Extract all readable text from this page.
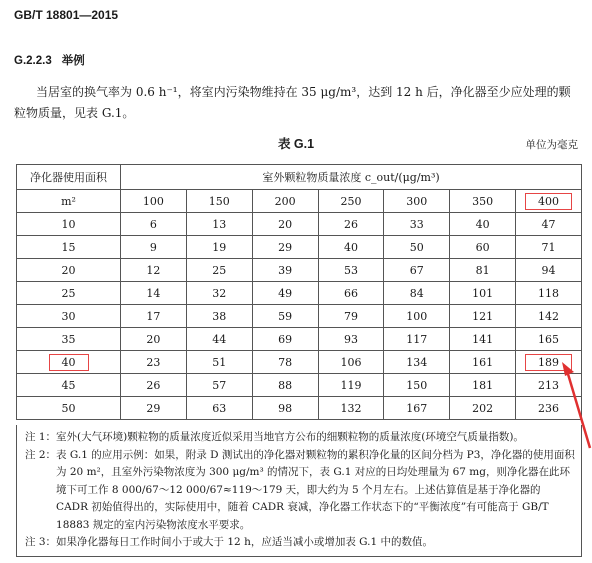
GB/T 18801—2015
G.2.2.3 举例
当居室的换气率为 0.6 h⁻¹，将室内污染物维持在 35 μg/m³，达到 12 h 后，净化器至少应处理的颗粒物质量，见表 G.1。
表 G.1	单位为毫克
净化器使用面积	室外颗粒物质量浓度 c_out/(μg/m³)						
m²	100	150	200	250	300	350	400
10	6	13	20	26	33	40	47
15	9	19	29	40	50	60	71
20	12	25	39	53	67	81	94
25	14	32	49	66	84	101	118
30	17	38	59	79	100	121	142
35	20	44	69	93	117	141	165
40	23	51	78	106	134	161	189
45	26	57	88	119	150	181	213
50	29	63	98	132	167	202	236
注 1： 室外(大气环境)颗粒物的质量浓度近似采用当地官方公布的细颗粒物的质量浓度(环境空气质量指数)。
注 2： 表 G.1 的应用示例：如果，附录 D 测试出的净化器对颗粒物的累积净化量的区间分档为 P3，净化器的使用面积为 20 m²，且室外污染物浓度为 300 μg/m³ 的情况下，表 G.1 对应的日均处理量为 67 mg，则净化器在此环境下可工作 8 000/67～12 000/67≈119～179 天，即大约为 5 个月左右。上述估算值是基于净化器的 CADR 初始值得出的，实际使用中，随着 CADR 衰减，净化器工作状态下的“平衡浓度”有可能高于 GB/T 18883 规定的室内污染物浓度水平要求。
注 3： 如果净化器每日工作时间小于或大于 12 h，应适当减小或增加表 G.1 中的数值。
